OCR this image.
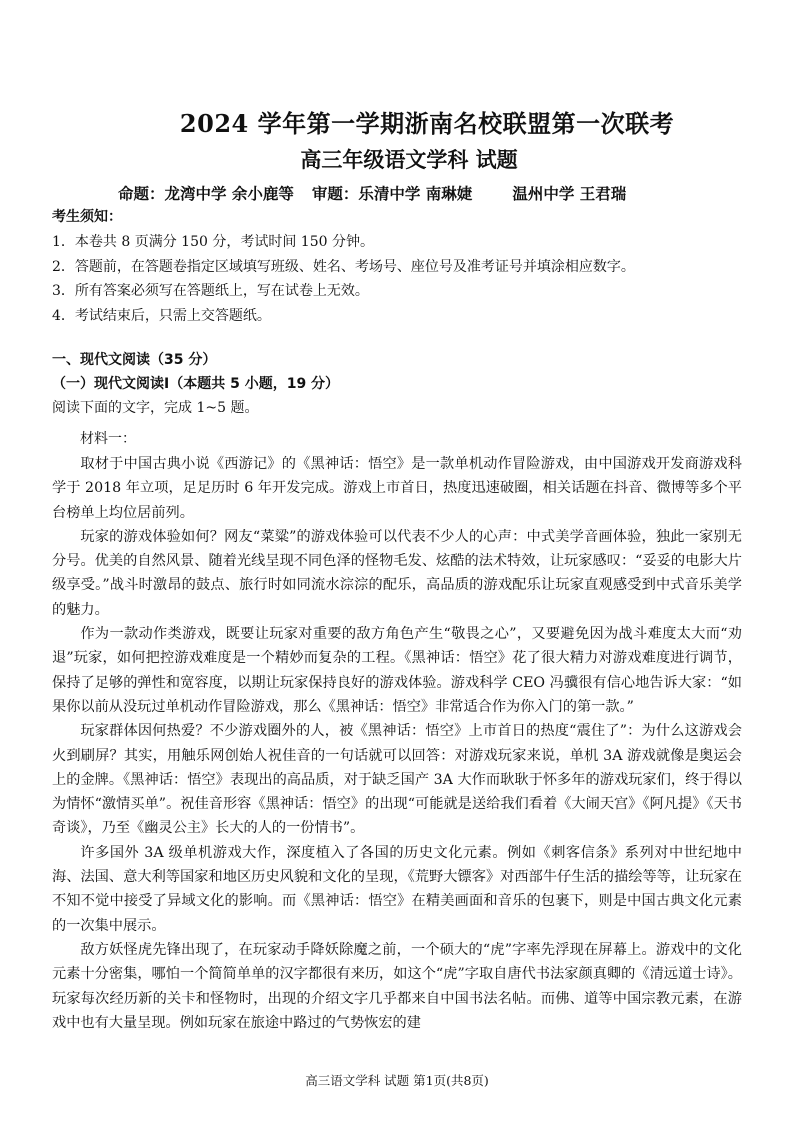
2024 学年第一学期浙南名校联盟第一次联考
高三年级语文学科 试题
命题：龙湾中学 余小鹿等 审题：乐清中学 南琳婕	温州中学 王君瑞
考生须知：
1．本卷共 8 页满分 150 分，考试时间 150 分钟。
2．答题前，在答题卷指定区域填写班级、姓名、考场号、座位号及准考证号并填涂相应数字。
3．所有答案必须写在答题纸上，写在试卷上无效。
4．考试结束后，只需上交答题纸。
一、现代文阅读（35 分）
（一）现代文阅读Ⅰ（本题共 5 小题，19 分）
阅读下面的文字，完成 1~5 题。
材料一：

取材于中国古典小说《西游记》的《黑神话：悟空》是一款单机动作冒险游戏，由中国游戏开发商游戏科学于 2018 年立项，足足历时 6 年开发完成。游戏上市首日，热度迅速破圈，相关话题在抖音、微博等多个平台榜单上均位居前列。

玩家的游戏体验如何？网友“菜粱”的游戏体验可以代表不少人的心声：中式美学音画体验，独此一家别无分号。优美的自然风景、随着光线呈现不同色泽的怪物毛发、炫酷的法术特效，让玩家感叹：“妥妥的电影大片级享受。”战斗时激昂的鼓点、旅行时如同流水淙淙的配乐，高品质的游戏配乐让玩家直观感受到中式音乐美学的魅力。

作为一款动作类游戏，既要让玩家对重要的敌方角色产生“敬畏之心”，又要避免因为战斗难度太大而“劝退”玩家，如何把控游戏难度是一个精妙而复杂的工程。《黑神话：悟空》花了很大精力对游戏难度进行调节，保持了足够的弹性和宽容度，以期让玩家保持良好的游戏体验。游戏科学 CEO 冯骥很有信心地告诉大家：“如果你以前从没玩过单机动作冒险游戏，那么《黑神话：悟空》非常适合作为你入门的第一款。”

玩家群体因何热爱？不少游戏圈外的人，被《黑神话：悟空》上市首日的热度“震住了”：为什么这游戏会火到刷屏？其实，用触乐网创始人祝佳音的一句话就可以回答：对游戏玩家来说，单机 3A 游戏就像是奥运会上的金牌。《黑神话：悟空》表现出的高品质，对于缺乏国产 3A 大作而耿耿于怀多年的游戏玩家们，终于得以为情怀“激情买单”。祝佳音形容《黑神话：悟空》的出现“可能就是送给我们看着《大闹天宫》《阿凡提》《天书奇谈》，乃至《幽灵公主》长大的人的一份情书”。

许多国外 3A 级单机游戏大作，深度植入了各国的历史文化元素。例如《刺客信条》系列对中世纪地中海、法国、意大利等国家和地区历史风貌和文化的呈现，《荒野大镖客》对西部牛仔生活的描绘等等，让玩家在不知不觉中接受了异域文化的影响。而《黑神话：悟空》在精美画面和音乐的包裹下，则是中国古典文化元素的一次集中展示。

敌方妖怪虎先锋出现了，在玩家动手降妖除魔之前，一个硕大的“虎”字率先浮现在屏幕上。游戏中的文化元素十分密集，哪怕一个简简单单的汉字都很有来历，如这个“虎”字取自唐代书法家颜真卿的《清远道士诗》。玩家每次经历新的关卡和怪物时，出现的介绍文字几乎都来自中国书法名帖。而佛、道等中国宗教元素，在游戏中也有大量呈现。例如玩家在旅途中路过的气势恢宏的建

高三语文学科 试题 第1页(共8页)
